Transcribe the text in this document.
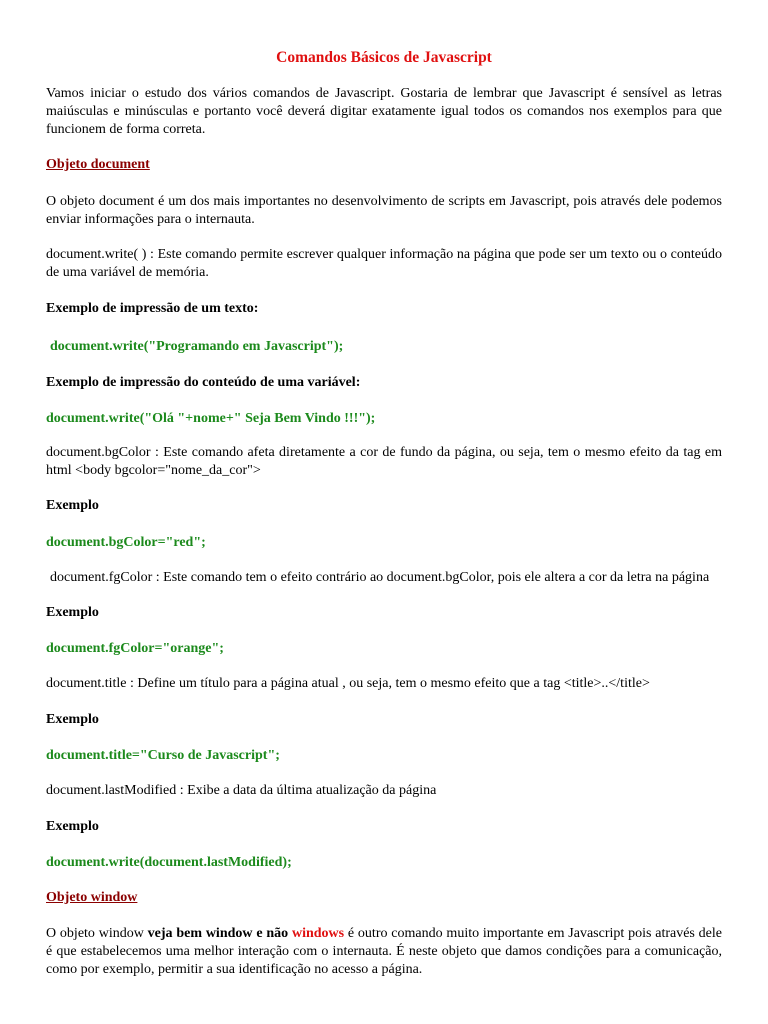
Comandos Básicos de Javascript

Vamos iniciar o estudo dos vários comandos de Javascript. Gostaria de lembrar que Javascript é sensível as letras maiúsculas e minúsculas e portanto você deverá digitar exatamente igual todos os comandos nos exemplos para que funcionem de forma correta.

Objeto document

O objeto document é um dos mais importantes no desenvolvimento de scripts em Javascript, pois através dele podemos enviar informações para o internauta.

document.write( ) : Este comando permite escrever qualquer informação na página que pode ser um texto ou o conteúdo de uma variável de memória.

Exemplo de impressão de um texto:

document.write("Programando em Javascript");

Exemplo de impressão do conteúdo de uma variável:

document.write("Olá "+nome+" Seja Bem Vindo !!!");

document.bgColor : Este comando afeta diretamente a cor de fundo da página, ou seja, tem o mesmo efeito da tag em html <body bgcolor="nome_da_cor">

Exemplo

document.bgColor="red";

document.fgColor : Este comando tem o efeito contrário ao document.bgColor, pois ele altera a cor da letra na página

Exemplo

document.fgColor="orange";

document.title : Define um título para a página atual , ou seja, tem o mesmo efeito que a tag <title>..</title>

Exemplo

document.title="Curso de Javascript";

document.lastModified : Exibe a data da última atualização da página

Exemplo

document.write(document.lastModified);

Objeto window

O objeto window veja bem window e não windows é outro comando muito importante em Javascript pois através dele é que estabelecemos uma melhor interação com o internauta. É neste objeto que damos condições para a comunicação, como por exemplo, permitir a sua identificação no acesso a página.
